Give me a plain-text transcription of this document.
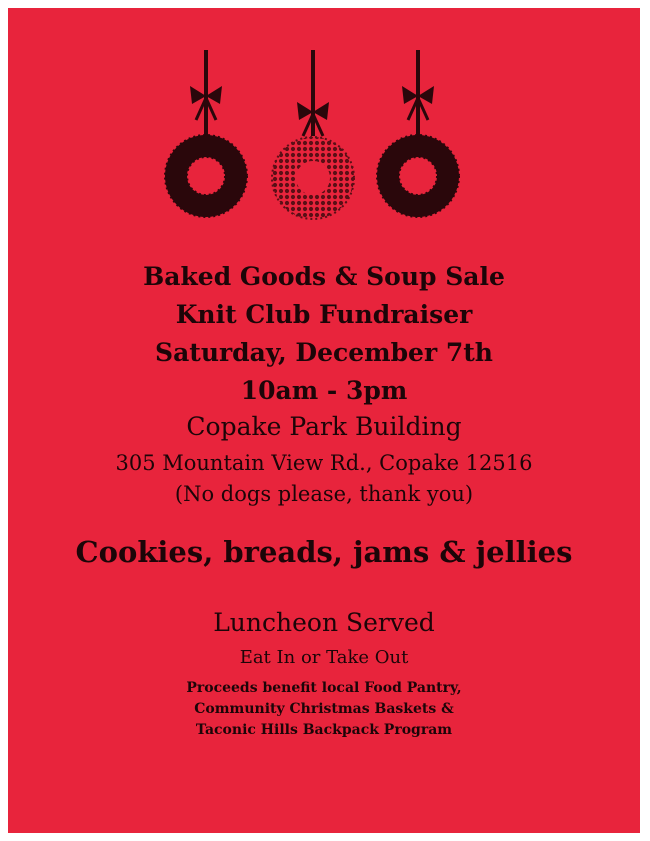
Baked Goods & Soup Sale
Knit Club Fundraiser
Saturday, December 7th
10am - 3pm
Copake Park Building
305 Mountain View Rd., Copake 12516
(No dogs please, thank you)
Cookies, breads, jams & jellies
Luncheon Served
Eat In or Take Out
Proceeds benefit local Food Pantry,
Community Christmas Baskets &
Taconic Hills Backpack Program
